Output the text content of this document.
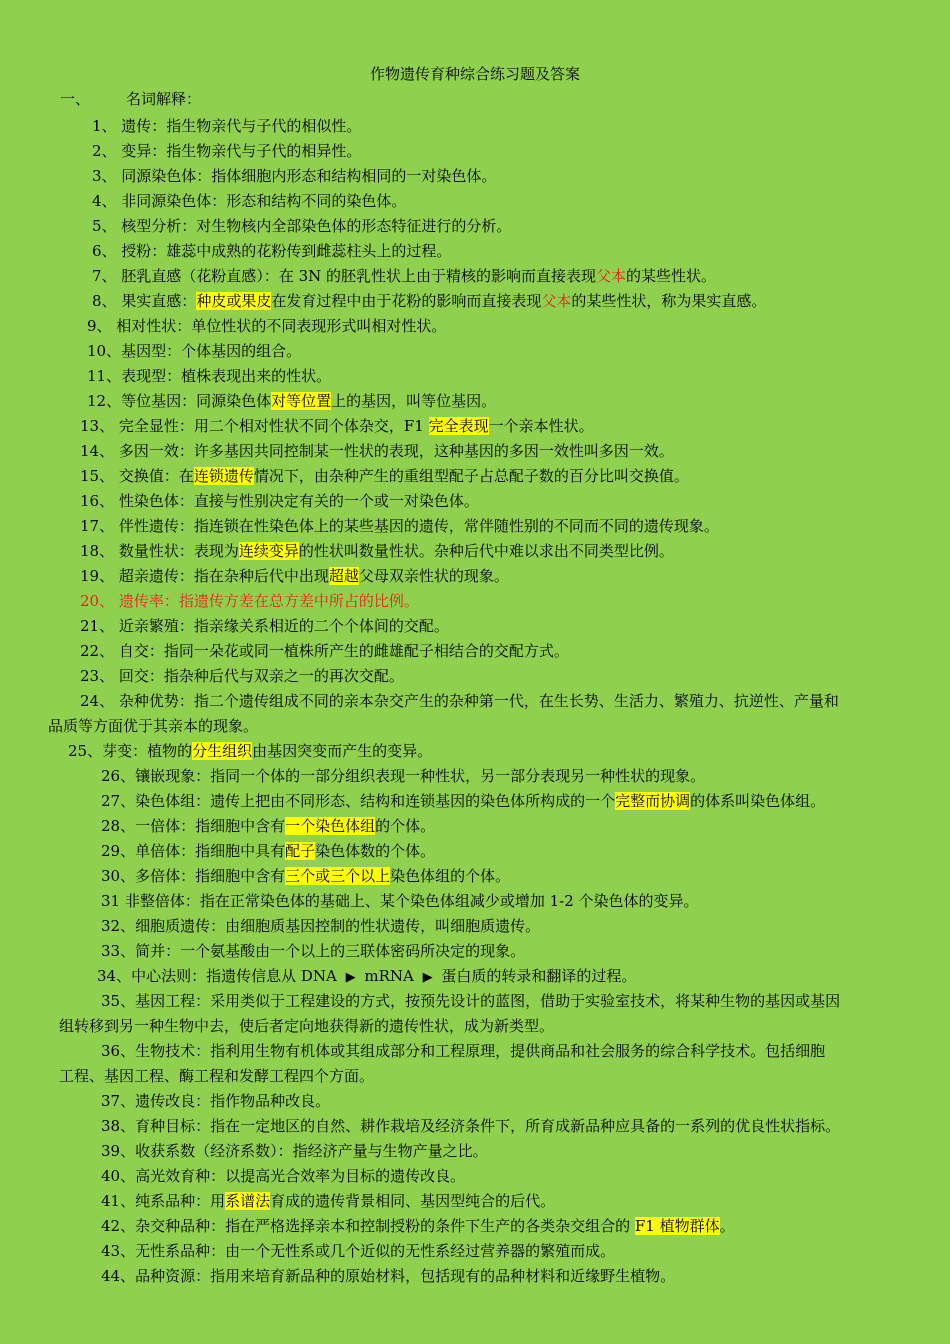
作物遗传育种综合练习题及答案
一、 名词解释：
1、 遗传：指生物亲代与子代的相似性。
2、 变异：指生物亲代与子代的相异性。
3、 同源染色体：指体细胞内形态和结构相同的一对染色体。
4、 非同源染色体：形态和结构不同的染色体。
5、 核型分析：对生物核内全部染色体的形态特征进行的分析。
6、 授粉：雄蕊中成熟的花粉传到雌蕊柱头上的过程。
7、 胚乳直感（花粉直感）：在 3N 的胚乳性状上由于精核的影响而直接表现父本的某些性状。
8、 果实直感：种皮或果皮在发育过程中由于花粉的影响而直接表现父本的某些性状，称为果实直感。
9、 相对性状：单位性状的不同表现形式叫相对性状。
10、基因型：个体基因的组合。
11、表现型：植株表现出来的性状。
12、等位基因：同源染色体对等位置上的基因，叫等位基因。
13、 完全显性：用二个相对性状不同个体杂交，F1 完全表现一个亲本性状。
14、 多因一效：许多基因共同控制某一性状的表现，这种基因的多因一效性叫多因一效。
15、 交换值：在连锁遗传情况下，由杂种产生的重组型配子占总配子数的百分比叫交换值。
16、 性染色体：直接与性别决定有关的一个或一对染色体。
17、 伴性遗传：指连锁在性染色体上的某些基因的遗传，常伴随性别的不同而不同的遗传现象。
18、 数量性状：表现为连续变异的性状叫数量性状。杂种后代中难以求出不同类型比例。
19、 超亲遗传：指在杂种后代中出现超越父母双亲性状的现象。
20、 遗传率：指遗传方差在总方差中所占的比例。
21、 近亲繁殖：指亲缘关系相近的二个个体间的交配。
22、 自交：指同一朵花或同一植株所产生的雌雄配子相结合的交配方式。
23、 回交：指杂种后代与双亲之一的再次交配。
24、 杂种优势：指二个遗传组成不同的亲本杂交产生的杂种第一代，在生长势、生活力、繁殖力、抗逆性、产量和
品质等方面优于其亲本的现象。
25、芽变：植物的分生组织由基因突变而产生的变异。
26、镶嵌现象：指同一个体的一部分组织表现一种性状，另一部分表现另一种性状的现象。
27、染色体组：遗传上把由不同形态、结构和连锁基因的染色体所构成的一个完整而协调的体系叫染色体组。
28、一倍体：指细胞中含有一个染色体组的个体。
29、单倍体：指细胞中具有配子染色体数的个体。
30、多倍体：指细胞中含有三个或三个以上染色体组的个体。
31 非整倍体：指在正常染色体的基础上、某个染色体组减少或增加 1-2 个染色体的变异。
32、细胞质遗传：由细胞质基因控制的性状遗传，叫细胞质遗传。
33、简并：一个氨基酸由一个以上的三联体密码所决定的现象。
34、中心法则：指遗传信息从 DNA ▶ mRNA ▶ 蛋白质的转录和翻译的过程。
35、基因工程：采用类似于工程建设的方式，按预先设计的蓝图，借助于实验室技术，将某种生物的基因或基因
组转移到另一种生物中去，使后者定向地获得新的遗传性状，成为新类型。
36、生物技术：指利用生物有机体或其组成部分和工程原理，提供商品和社会服务的综合科学技术。包括细胞
工程、基因工程、酶工程和发酵工程四个方面。
37、遗传改良：指作物品种改良。
38、育种目标：指在一定地区的自然、耕作栽培及经济条件下，所育成新品种应具备的一系列的优良性状指标。
39、收获系数（经济系数）：指经济产量与生物产量之比。
40、高光效育种：以提高光合效率为目标的遗传改良。
41、纯系品种：用系谱法育成的遗传背景相同、基因型纯合的后代。
42、杂交种品种：指在严格选择亲本和控制授粉的条件下生产的各类杂交组合的 F1 植物群体。
43、无性系品种：由一个无性系或几个近似的无性系经过营养器的繁殖而成。
44、品种资源：指用来培育新品种的原始材料，包括现有的品种材料和近缘野生植物。
